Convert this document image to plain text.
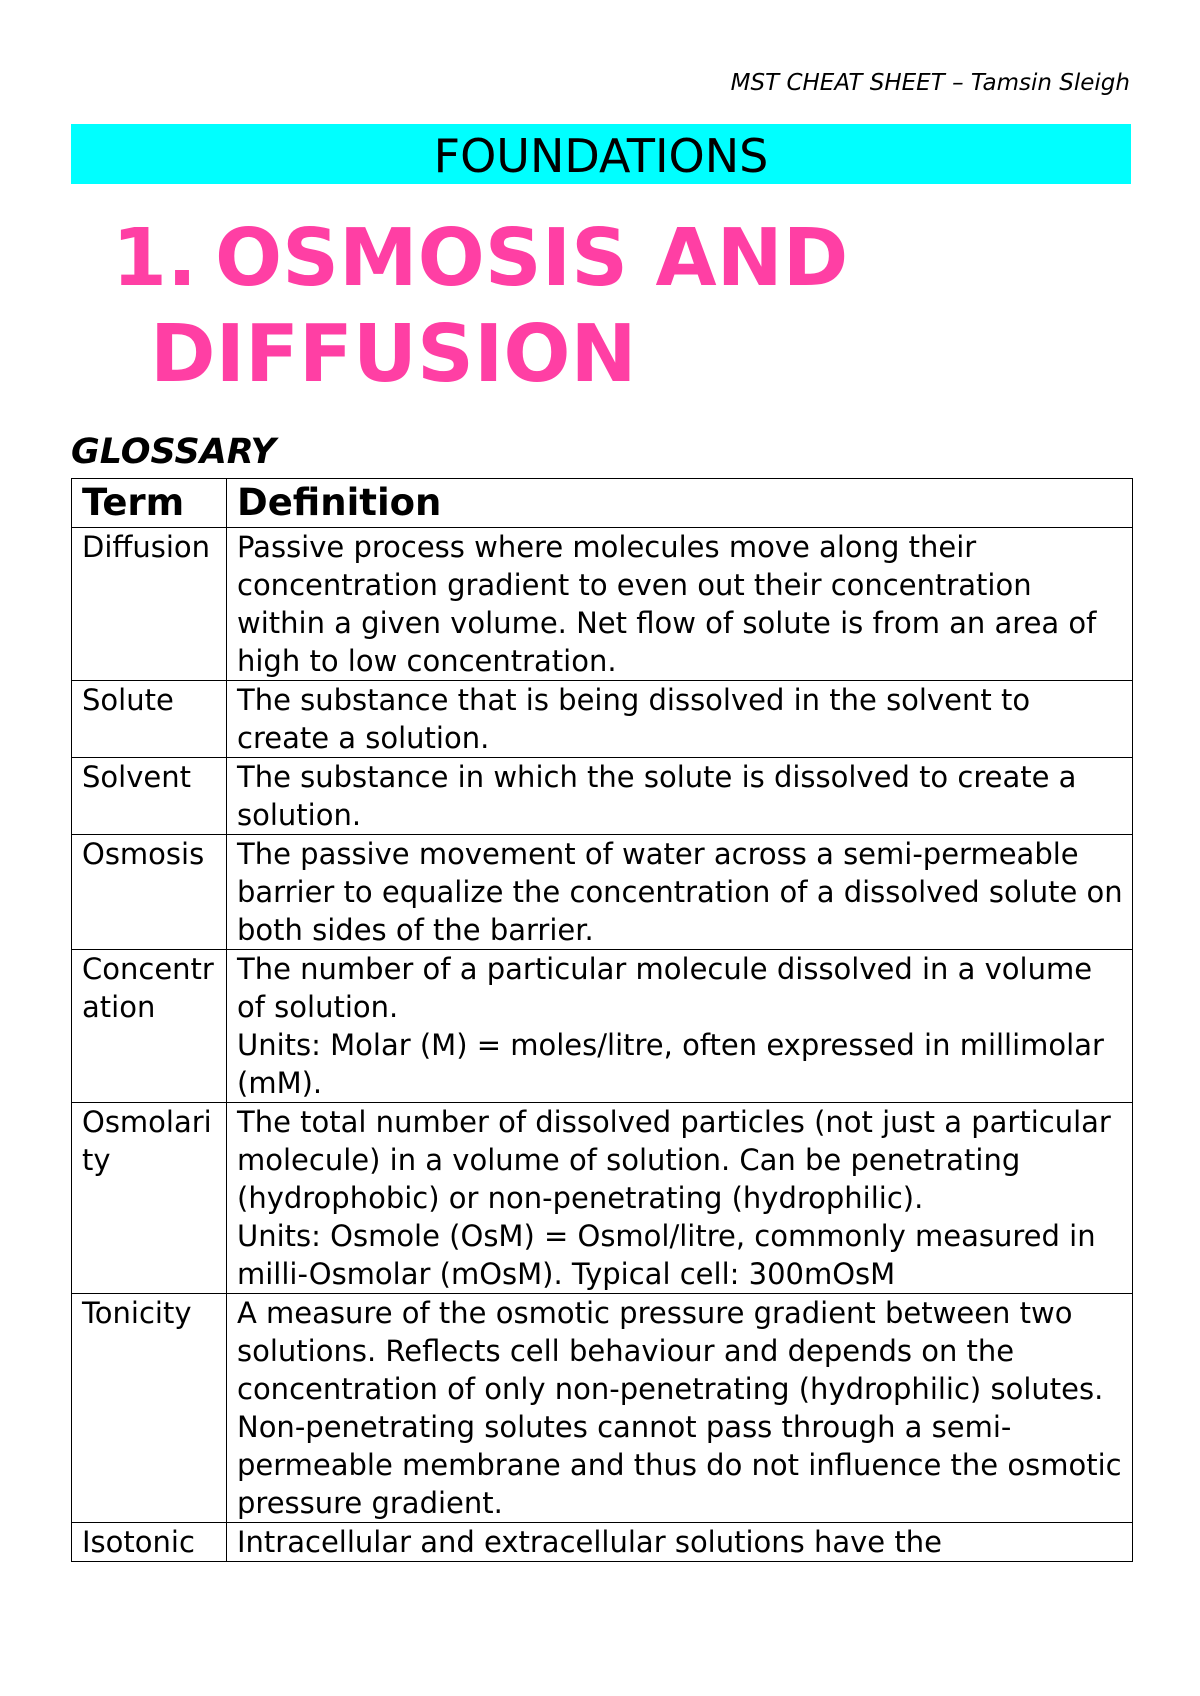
MST CHEAT SHEET – Tamsin Sleigh
FOUNDATIONS
1. OSMOSIS AND
DIFFUSION
GLOSSARY
Term	Definition
Diffusion	Passive process where molecules move along their concentration gradient to even out their concentration within a given volume. Net flow of solute is from an area of high to low concentration.

Solute	The substance that is being dissolved in the solvent to create a solution.

Solvent	The substance in which the solute is dissolved to create a solution.

Osmosis	The passive movement of water across a semi-permeable barrier to equalize the concentration of a dissolved solute on both sides of the barrier.

Concentration	The number of a particular molecule dissolved in a volume of solution.
Units: Molar (M) = moles/litre, often expressed in millimolar (mM).

Osmolarity	The total number of dissolved particles (not just a particular molecule) in a volume of solution. Can be penetrating (hydrophobic) or non-penetrating (hydrophilic).
Units: Osmole (OsM) = Osmol/litre, commonly measured in milli-Osmolar (mOsM). Typical cell: 300mOsM

Tonicity	A measure of the osmotic pressure gradient between two solutions. Reflects cell behaviour and depends on the concentration of only non-penetrating (hydrophilic) solutes. Non-penetrating solutes cannot pass through a semi-permeable membrane and thus do not influence the osmotic pressure gradient.

Isotonic	Intracellular and extracellular solutions have the
